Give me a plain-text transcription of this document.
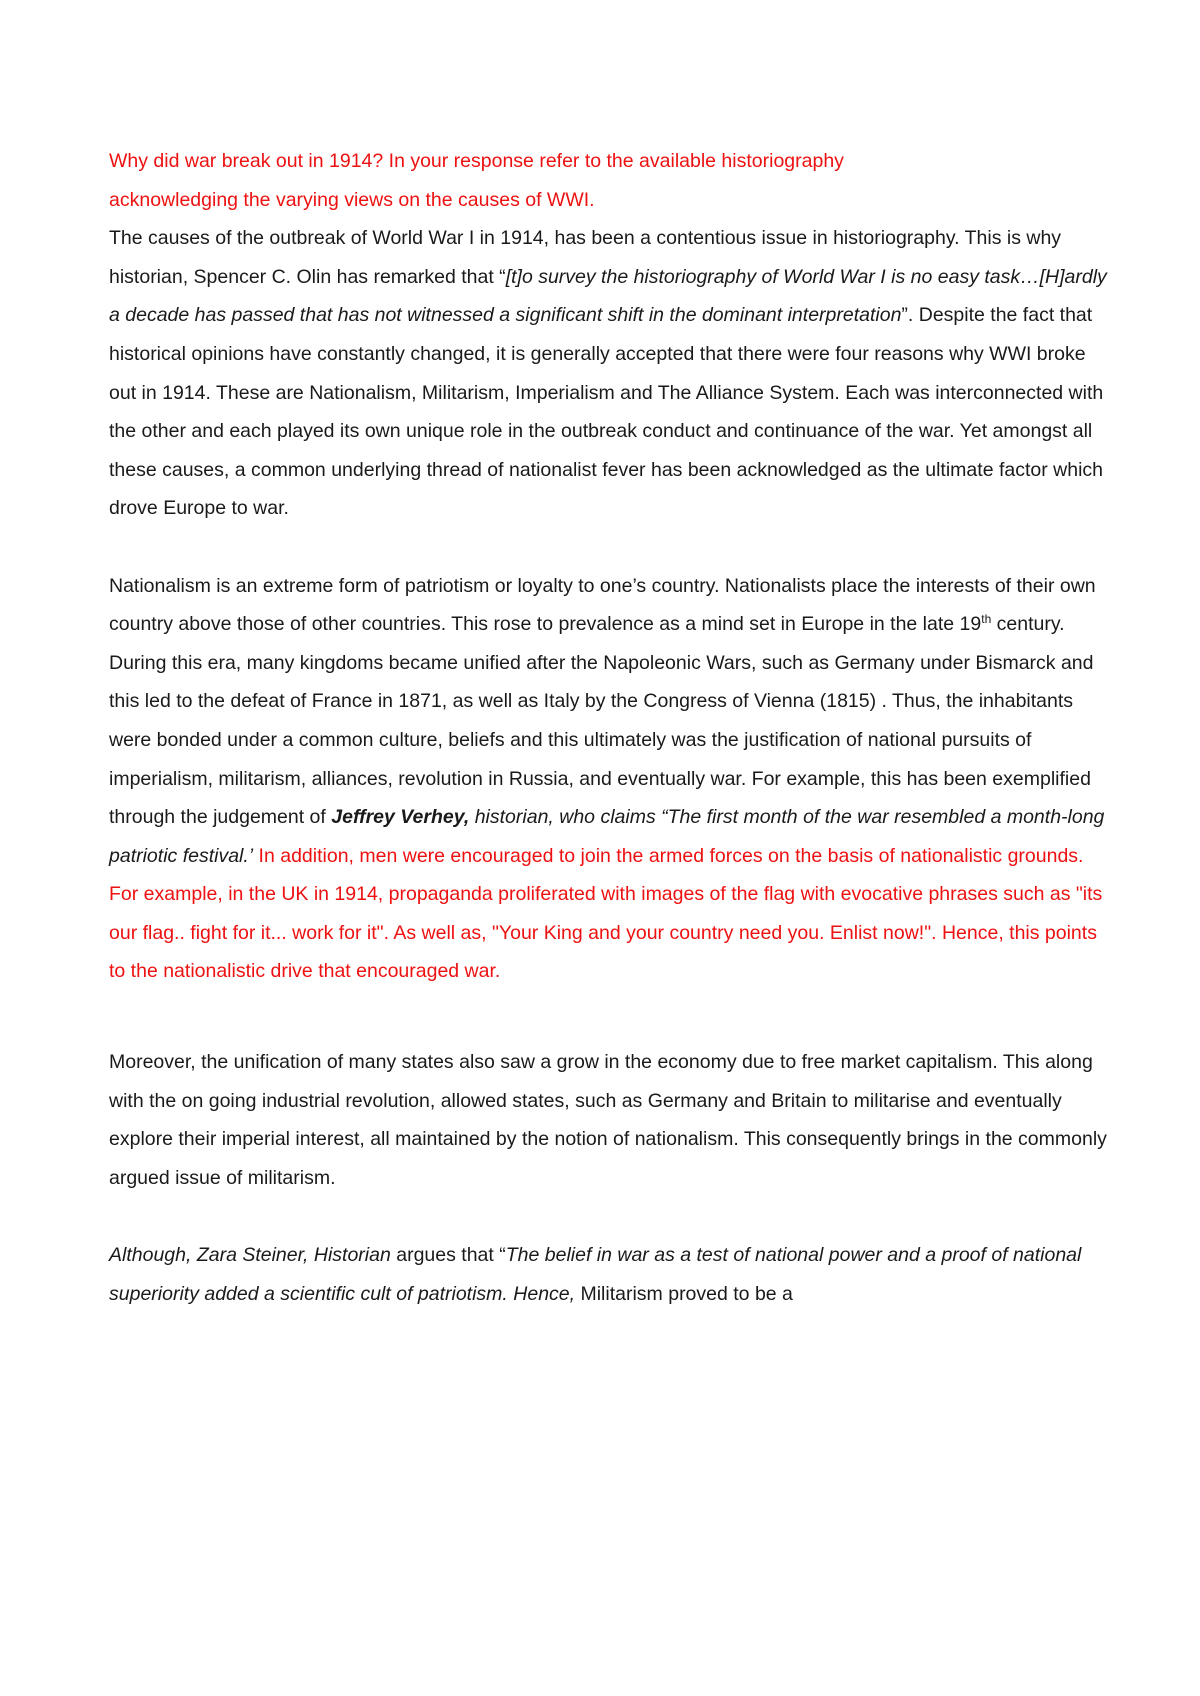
Why did war break out in 1914? In your response refer to the available historiography
acknowledging the varying views on the causes of WWI.

The causes of the outbreak of World War I in 1914, has been a contentious issue in historiography. This is why historian, Spencer C. Olin has remarked that “[t]o survey the historiography of World War I is no easy task…[H]ardly a decade has passed that has not witnessed a significant shift in the dominant interpretation”. Despite the fact that historical opinions have constantly changed, it is generally accepted that there were four reasons why WWI broke out in 1914. These are Nationalism, Militarism, Imperialism and The Alliance System. Each was interconnected with the other and each played its own unique role in the outbreak conduct and continuance of the war. Yet amongst all these causes, a common underlying thread of nationalist fever has been acknowledged as the ultimate factor which drove Europe to war.

Nationalism is an extreme form of patriotism or loyalty to one’s country. Nationalists place the interests of their own country above those of other countries. This rose to prevalence as a mind set in Europe in the late 19th century. During this era, many kingdoms became unified after the Napoleonic Wars, such as Germany under Bismarck and this led to the defeat of France in 1871, as well as Italy by the Congress of Vienna (1815) . Thus, the inhabitants were bonded under a common culture, beliefs and this ultimately was the justification of national pursuits of imperialism, militarism, alliances, revolution in Russia, and eventually war. For example, this has been exemplified through the judgement of Jeffrey Verhey, historian, who claims “The first month of the war resembled a month-long patriotic festival.’ In addition, men were encouraged to join the armed forces on the basis of nationalistic grounds. For example, in the UK in 1914, propaganda proliferated with images of the flag with evocative phrases such as "its our flag.. fight for it... work for it". As well as, "Your King and your country need you. Enlist now!". Hence, this points to the nationalistic drive that encouraged war.

Moreover, the unification of many states also saw a grow in the economy due to free market capitalism. This along with the on going industrial revolution, allowed states, such as Germany and Britain to militarise and eventually explore their imperial interest, all maintained by the notion of nationalism. This consequently brings in the commonly argued issue of militarism.

Although, Zara Steiner, Historian argues that “The belief in war as a test of national power and a proof of national superiority added a scientific cult of patriotism. Hence, Militarism proved to be a
